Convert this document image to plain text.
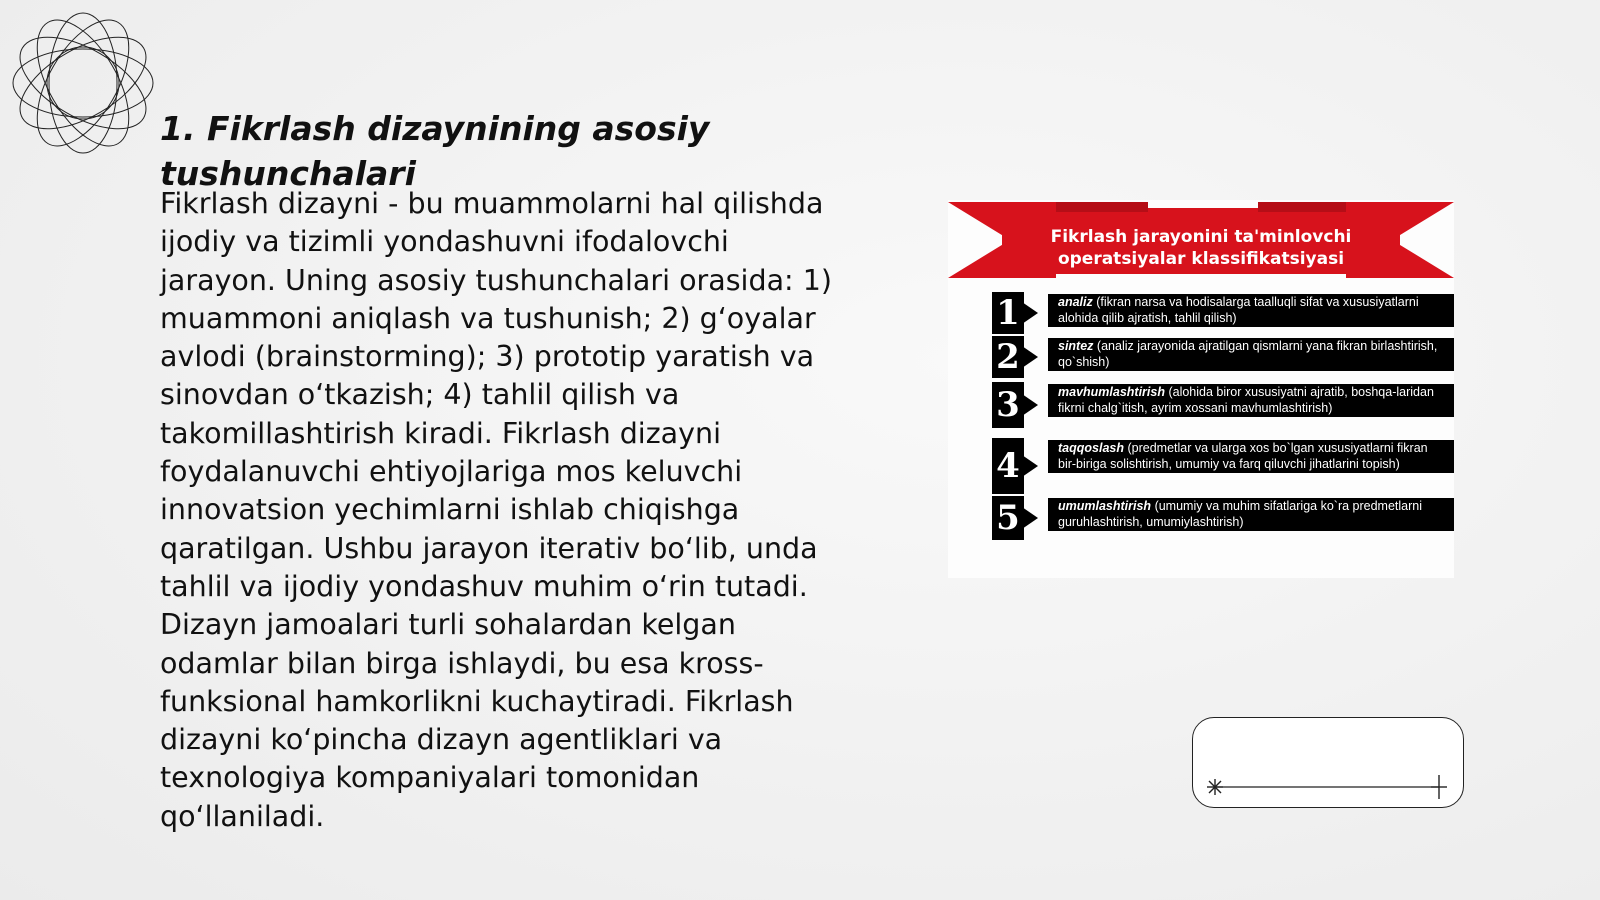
1. Fikrlash dizaynining asosiy tushunchalari

Fikrlash dizayni - bu muammolarni hal qilishda ijodiy va tizimli yondashuvni ifodalovchi jarayon. Uning asosiy tushunchalari orasida: 1) muammoni aniqlash va tushunish; 2) g‘oyalar avlodi (brainstorming); 3) prototip yaratish va sinovdan o‘tkazish; 4) tahlil qilish va takomillashtirish kiradi. Fikrlash dizayni foydalanuvchi ehtiyojlariga mos keluvchi innovatsion yechimlarni ishlab chiqishga qaratilgan. Ushbu jarayon iterativ bo‘lib, unda tahlil va ijodiy yondashuv muhim o‘rin tutadi. Dizayn jamoalari turli sohalardan kelgan odamlar bilan birga ishlaydi, bu esa kross-funksional hamkorlikni kuchaytiradi. Fikrlash dizayni ko‘pincha dizayn agentliklari va texnologiya kompaniyalari tomonidan qo‘llaniladi.

Fikrlash jarayonini ta'minlovchi
operatsiyalar klassifikatsiyasi
1	analiz (fikran narsa va hodisalarga taalluqli sifat va xususiyatlarni alohida qilib ajratish, tahlil qilish)
2	sintez (analiz jarayonida ajratilgan qismlarni yana fikran birlashtirish, qo`shish)
3	mavhumlashtirish (alohida biror xususiyatni ajratib, boshqa-laridan fikrni chalg`itish, ayrim xossani mavhumlashtirish)
4	taqqoslash (predmetlar va ularga xos bo`lgan xususiyatlarni fikran bir-biriga solishtirish, umumiy va farq qiluvchi jihatlarini topish)
5	umumlashtirish (umumiy va muhim sifatlariga ko`ra predmetlarni guruhlashtirish, umumiylashtirish)
